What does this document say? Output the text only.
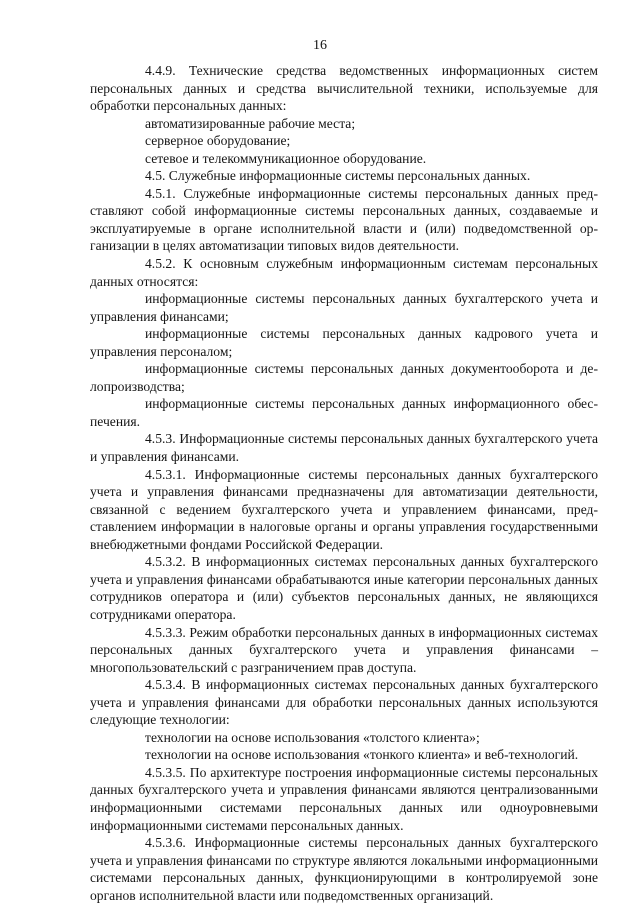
16

4.4.9. Технические средства ведомственных информационных систем персональных данных и средства вычислительной техники, используемые для обработки персональных данных:

автоматизированные рабочие места;

серверное оборудование;

сетевое и телекоммуникационное оборудование.

4.5. Служебные информационные системы персональных данных.

4.5.1. Служебные информационные системы персональных данных представляют собой информационные системы персональных данных, создаваемые и эксплуатируемые в органе исполнительной власти и (или) подведомственной организации в целях автоматизации типовых видов деятельности.

4.5.2. К основным служебным информационным системам персональных данных относятся:

информационные системы персональных данных бухгалтерского учета и управления финансами;

информационные системы персональных данных кадрового учета и управления персоналом;

информационные системы персональных данных документооборота и делопроизводства;

информационные системы персональных данных информационного обеспечения.

4.5.3. Информационные системы персональных данных бухгалтерского учета и управления финансами.

4.5.3.1. Информационные системы персональных данных бухгалтерского учета и управления финансами предназначены для автоматизации деятельности, связанной с ведением бухгалтерского учета и управлением финансами, представлением информации в налоговые органы и органы управления государственными внебюджетными фондами Российской Федерации.

4.5.3.2. В информационных системах персональных данных бухгалтерского учета и управления финансами обрабатываются иные категории персональных данных сотрудников оператора и (или) субъектов персональных данных, не являющихся сотрудниками оператора.

4.5.3.3. Режим обработки персональных данных в информационных системах персональных данных бухгалтерского учета и управления финансами – многопользовательский с разграничением прав доступа.

4.5.3.4. В информационных системах персональных данных бухгалтерского учета и управления финансами для обработки персональных данных используются следующие технологии:

технологии на основе использования «толстого клиента»;

технологии на основе использования «тонкого клиента» и веб-технологий.

4.5.3.5. По архитектуре построения информационные системы персональных данных бухгалтерского учета и управления финансами являются централизованными информационными системами персональных данных или одноуровневыми информационными системами персональных данных.

4.5.3.6. Информационные системы персональных данных бухгалтерского учета и управления финансами по структуре являются локальными информационными системами персональных данных, функционирующими в контролируемой зоне органов исполнительной власти или подведомственных организаций.
